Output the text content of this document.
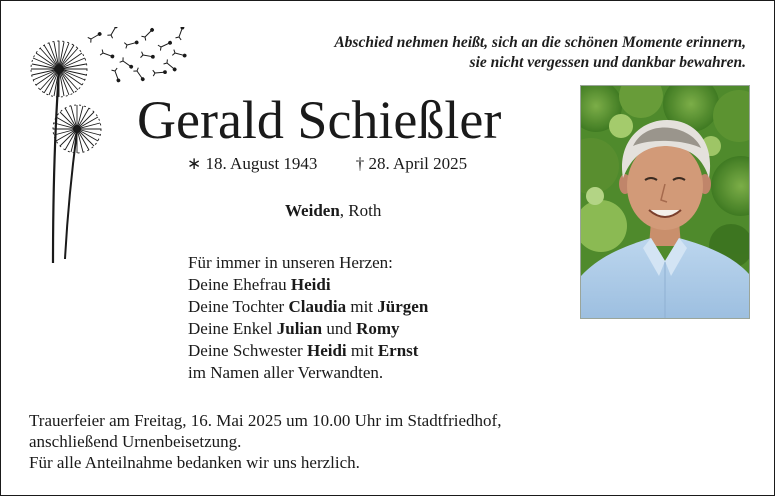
Abschied nehmen heißt, sich an die schönen Momente erinnern,
sie nicht vergessen und dankbar bewahren.
Gerald Schießler
∗ 18. August 1943 † 28. April 2025
Weiden, Roth
Für immer in unseren Herzen:
Deine Ehefrau Heidi
Deine Tochter Claudia mit Jürgen
Deine Enkel Julian und Romy
Deine Schwester Heidi mit Ernst
im Namen aller Verwandten.
Trauerfeier am Freitag, 16. Mai 2025 um 10.00 Uhr im Stadtfriedhof,
anschließend Urnenbeisetzung.
Für alle Anteilnahme bedanken wir uns herzlich.
